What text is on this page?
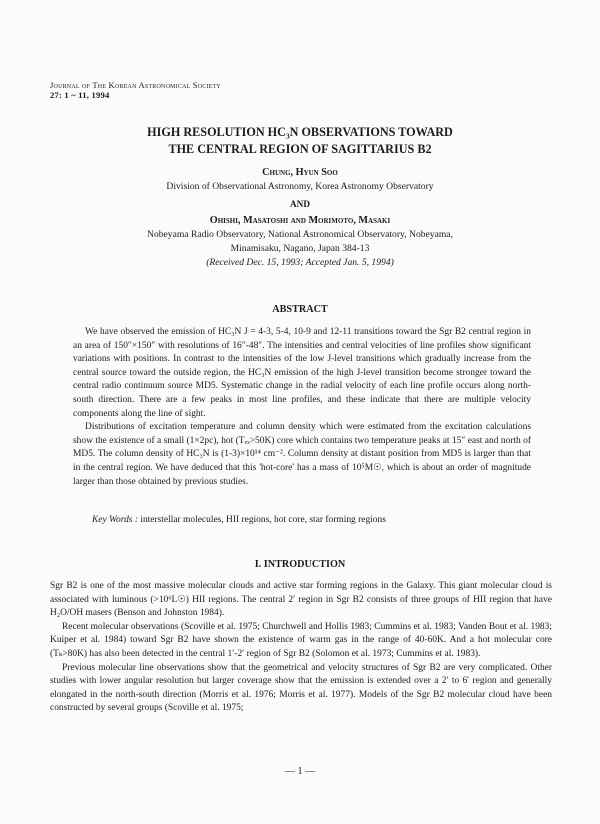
Journal of The Korean Astronomical Society
27: 1 ~ 11, 1994
HIGH RESOLUTION HC₃N OBSERVATIONS TOWARD
THE CENTRAL REGION OF SAGITTARIUS B2
Chung, Hyun Soo
Division of Observational Astronomy, Korea Astronomy Observatory
AND
Ohishi, Masatoshi and Morimoto, Masaki
Nobeyama Radio Observatory, National Astronomical Observatory, Nobeyama,
Minamisaku, Nagano, Japan 384-13
(Received Dec. 15, 1993; Accepted Jan. 5, 1994)
ABSTRACT

We have observed the emission of HC₃N J = 4-3, 5-4, 10-9 and 12-11 transitions toward the Sgr B2 central region in an area of 150″×150″ with resolutions of 16″-48″. The intensities and central velocities of line profiles show significant variations with positions. In contrast to the intensities of the low J-level transitions which gradually increase from the central source toward the outside region, the HC₃N emission of the high J-level transition become stronger toward the central radio continuum source MD5. Systematic change in the radial velocity of each line profile occurs along north-south direction. There are a few peaks in most line profiles, and these indicate that there are multiple velocity components along the line of sight.

Distributions of excitation temperature and column density which were estimated from the excitation calculations show the existence of a small (1×2pc), hot (Tₑₓ>50K) core which contains two temperature peaks at 15″ east and north of MD5. The column density of HC₃N is (1-3)×10¹⁴ cm⁻². Column density at distant position from MD5 is larger than that in the central region. We have deduced that this 'hot-core' has a mass of 10⁵M☉, which is about an order of magnitude larger than those obtained by previous studies.

Key Words : interstellar molecules, HII regions, hot core, star forming regions
I. INTRODUCTION

Sgr B2 is one of the most massive molecular clouds and active star forming regions in the Galaxy. This giant molecular cloud is associated with luminous (>10⁶L☉) HII regions. The central 2′ region in Sgr B2 consists of three groups of HII region that have H₂O/OH masers (Benson and Johnston 1984).

Recent molecular observations (Scoville et al. 1975; Churchwell and Hollis 1983; Cummins et al. 1983; Vanden Bout et al. 1983; Kuiper et al. 1984) toward Sgr B2 have shown the existence of warm gas in the range of 40-60K. And a hot molecular core (Tₖ>80K) has also been detected in the central 1′-2′ region of Sgr B2 (Solomon et al. 1973; Cummins et al. 1983).

Previous molecular line observations show that the geometrical and velocity structures of Sgr B2 are very complicated. Other studies with lower angular resolution but larger coverage show that the emission is extended over a 2′ to 6′ region and generally elongated in the north-south direction (Morris et al. 1976; Morris et al. 1977). Models of the Sgr B2 molecular cloud have been constructed by several groups (Scoville et al. 1975;

— 1 —
